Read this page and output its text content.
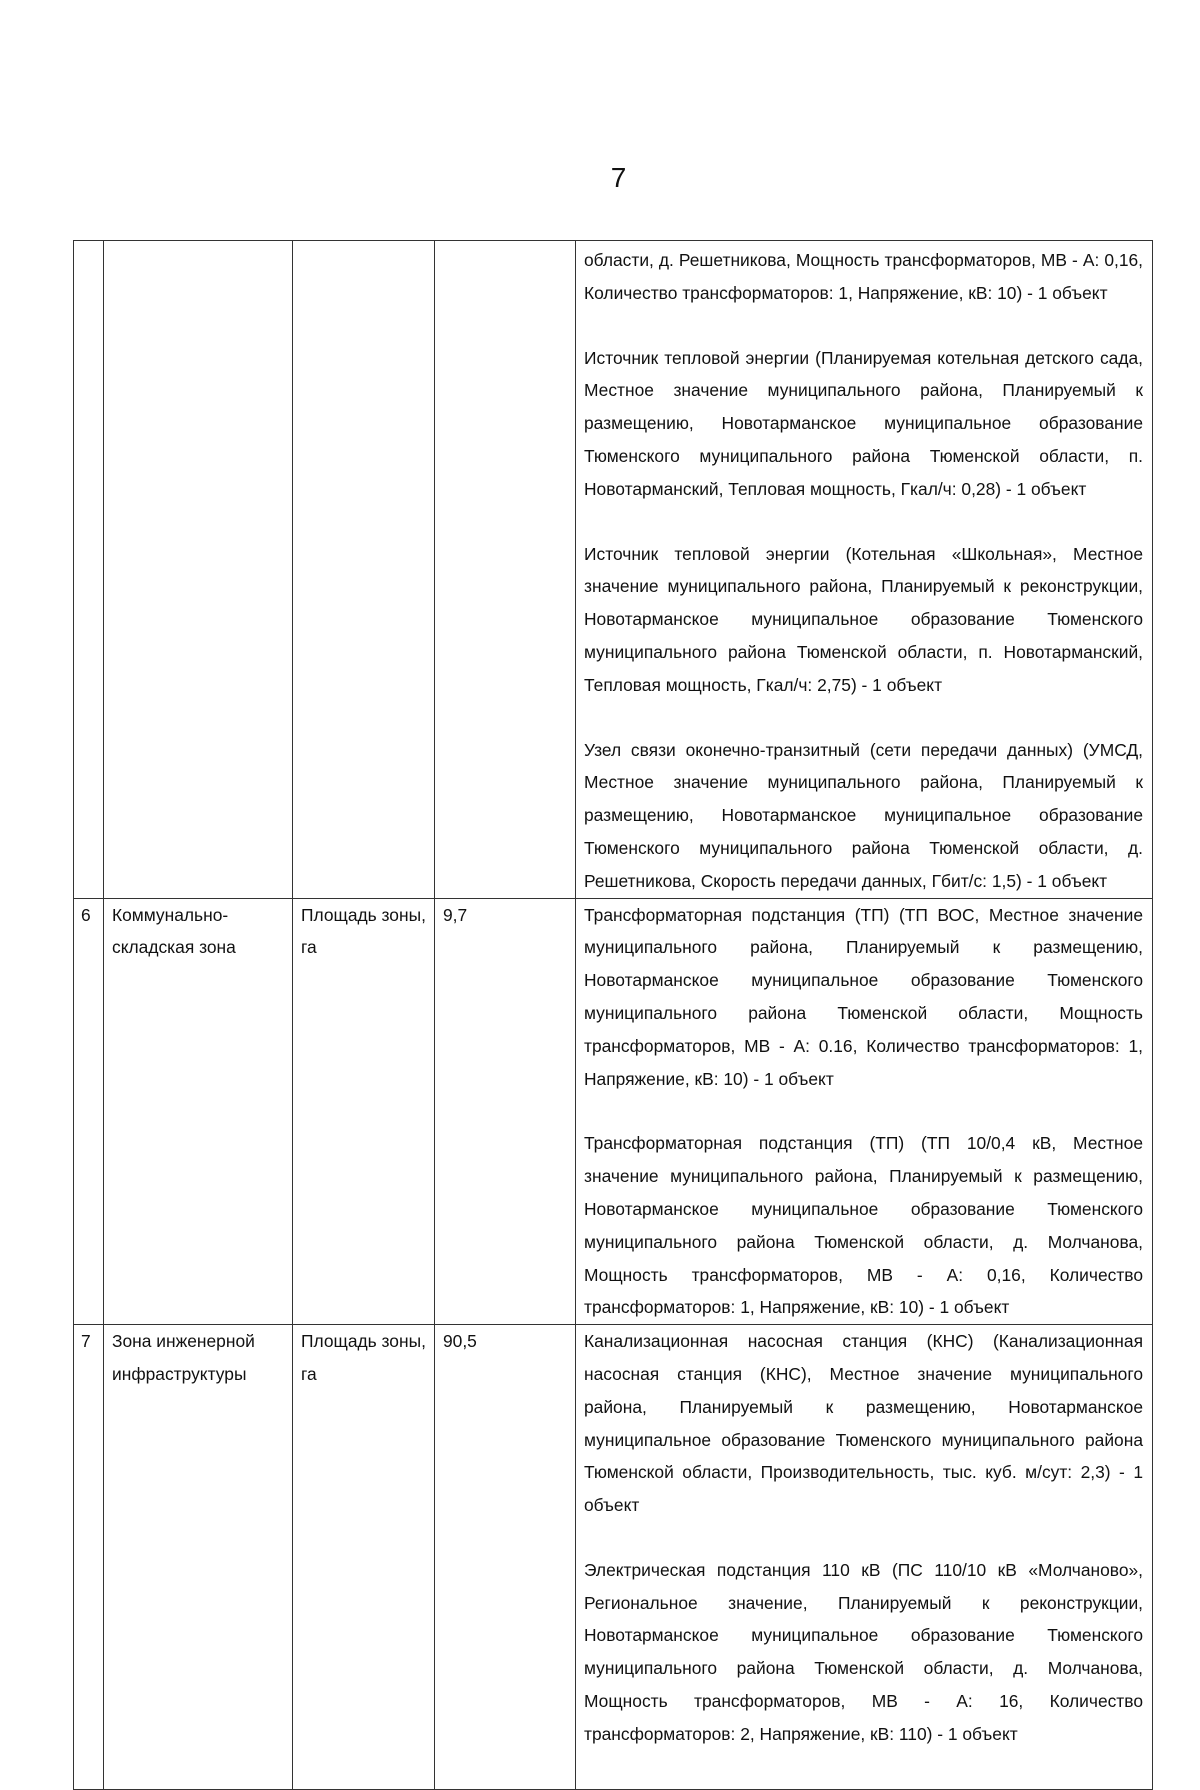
7

				области, д. Решетникова, Мощность трансформаторов, МВ - А: 0,16, Количество трансформаторов: 1, Напряжение, кВ: 10) - 1 объект

Источник тепловой энергии (Планируемая котельная детского сада, Местное значение муниципального района, Планируемый к размещению, Новотарманское муниципальное образование Тюменского муниципального района Тюменской области, п. Новотарманский, Тепловая мощность, Гкал/ч: 0,28) - 1 объект

Источник тепловой энергии (Котельная «Школьная», Местное значение муниципального района, Планируемый к реконструкции, Новотарманское муниципальное образование Тюменского муниципального района Тюменской области, п. Новотарманский, Тепловая мощность, Гкал/ч: 2,75) - 1 объект

Узел связи оконечно-транзитный (сети передачи данных) (УМСД, Местное значение муниципального района, Планируемый к размещению, Новотарманское муниципальное образование Тюменского муниципального района Тюменской области, д. Решетникова, Скорость передачи данных, Гбит/с: 1,5) - 1 объект

6	Коммунально-складская зона	Площадь зоны, га	9,7	Трансформаторная подстанция (ТП) (ТП ВОС, Местное значение муниципального района, Планируемый к размещению, Новотарманское муниципальное образование Тюменского муниципального района Тюменской области, Мощность трансформаторов, МВ - А: 0.16, Количество трансформаторов: 1, Напряжение, кВ: 10) - 1 объект

Трансформаторная подстанция (ТП) (ТП 10/0,4 кВ, Местное значение муниципального района, Планируемый к размещению, Новотарманское муниципальное образование Тюменского муниципального района Тюменской области, д. Молчанова, Мощность трансформаторов, МВ - А: 0,16, Количество трансформаторов: 1, Напряжение, кВ: 10) - 1 объект

7	Зона инженерной инфраструктуры	Площадь зоны, га	90,5	Канализационная насосная станция (КНС) (Канализационная насосная станция (КНС), Местное значение муниципального района, Планируемый к размещению, Новотарманское муниципальное образование Тюменского муниципального района Тюменской области, Производительность, тыс. куб. м/сут: 2,3) - 1 объект

Электрическая подстанция 110 кВ (ПС 110/10 кВ «Молчаново», Региональное значение, Планируемый к реконструкции, Новотарманское муниципальное образование Тюменского муниципального района Тюменской области, д. Молчанова, Мощность трансформаторов, МВ - А: 16, Количество трансформаторов: 2, Напряжение, кВ: 110) - 1 объект
